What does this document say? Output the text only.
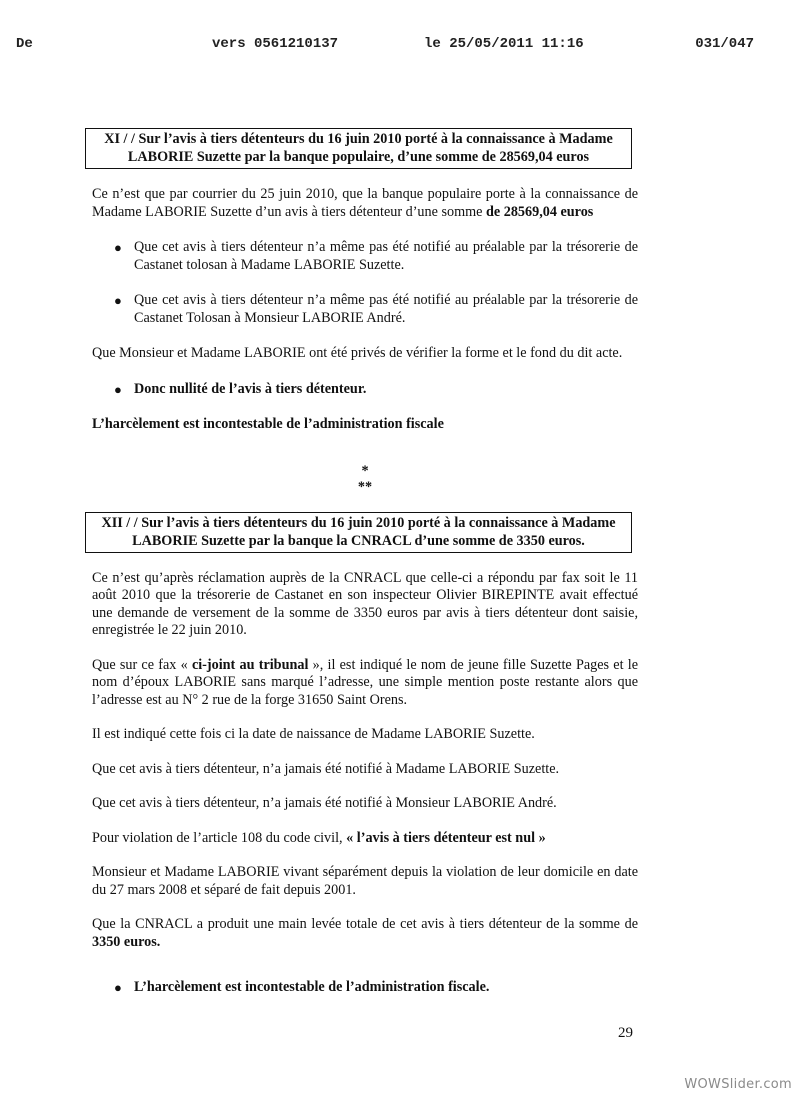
De	vers 0561210137	le 25/05/2011 11:16	031/047
XI / / Sur l’avis à tiers détenteurs du 16 juin 2010 porté à la connaissance à Madame
LABORIE Suzette par la banque populaire, d’une somme de 28569,04 euros

Ce n’est que par courrier du 25 juin 2010, que la banque populaire porte à la connaissance de Madame LABORIE Suzette d’un avis à tiers détenteur d’une somme de 28569,04 euros

● Que cet avis à tiers détenteur n’a même pas été notifié au préalable par la trésorerie de Castanet tolosan à Madame LABORIE Suzette.
● Que cet avis à tiers détenteur n’a même pas été notifié au préalable par la trésorerie de Castanet Tolosan à Monsieur LABORIE André.

Que Monsieur et Madame LABORIE ont été privés de vérifier la forme et le fond du dit acte.

● Donc nullité de l’avis à tiers détenteur.

L’harcèlement est incontestable de l’administration fiscale

*
**
XII / / Sur l’avis à tiers détenteurs du 16 juin 2010 porté à la connaissance à Madame
LABORIE Suzette par la banque la CNRACL d’une somme de 3350 euros.

Ce n’est qu’après réclamation auprès de la CNRACL que celle-ci a répondu par fax soit le 11 août 2010 que la trésorerie de Castanet en son inspecteur Olivier BIREPINTE avait effectué une demande de versement de la somme de 3350 euros par avis à tiers détenteur dont saisie, enregistrée le 22 juin 2010.

Que sur ce fax « ci-joint au tribunal », il est indiqué le nom de jeune fille Suzette Pages et le nom d’époux LABORIE sans marqué l’adresse, une simple mention poste restante alors que l’adresse est au N° 2 rue de la forge 31650 Saint Orens.

Il est indiqué cette fois ci la date de naissance de Madame LABORIE Suzette.

Que cet avis à tiers détenteur, n’a jamais été notifié à Madame LABORIE Suzette.

Que cet avis à tiers détenteur, n’a jamais été notifié à Monsieur LABORIE André.

Pour violation de l’article 108 du code civil, « l’avis à tiers détenteur est nul »

Monsieur et Madame LABORIE vivant séparément depuis la violation de leur domicile en date du 27 mars 2008 et séparé de fait depuis 2001.

Que la CNRACL a produit une main levée totale de cet avis à tiers détenteur de la somme de 3350 euros.

● L’harcèlement est incontestable de l’administration fiscale.
29
WOWSlider.com
